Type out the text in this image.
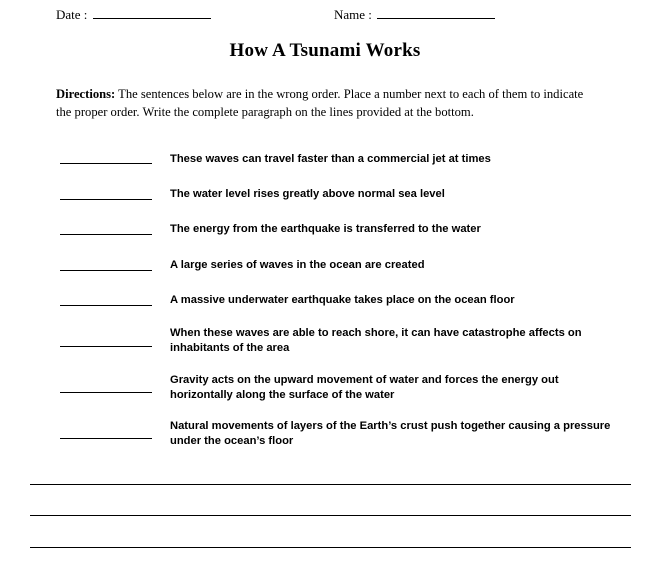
Date :	Name :
How A Tsunami Works
Directions: The sentences below are in the wrong order. Place a number next to each of them to indicate the proper order. Write the complete paragraph on the lines provided at the bottom.
These waves can travel faster than a commercial jet at times
The water level rises greatly above normal sea level
The energy from the earthquake is transferred to the water
A large series of waves in the ocean are created
A massive underwater earthquake takes place on the ocean floor
When these waves are able to reach shore, it can have catastrophe affects on inhabitants of the area
Gravity acts on the upward movement of water and forces the energy out horizontally along the surface of the water
Natural movements of layers of the Earth’s crust push together causing a pressure under the ocean’s floor
